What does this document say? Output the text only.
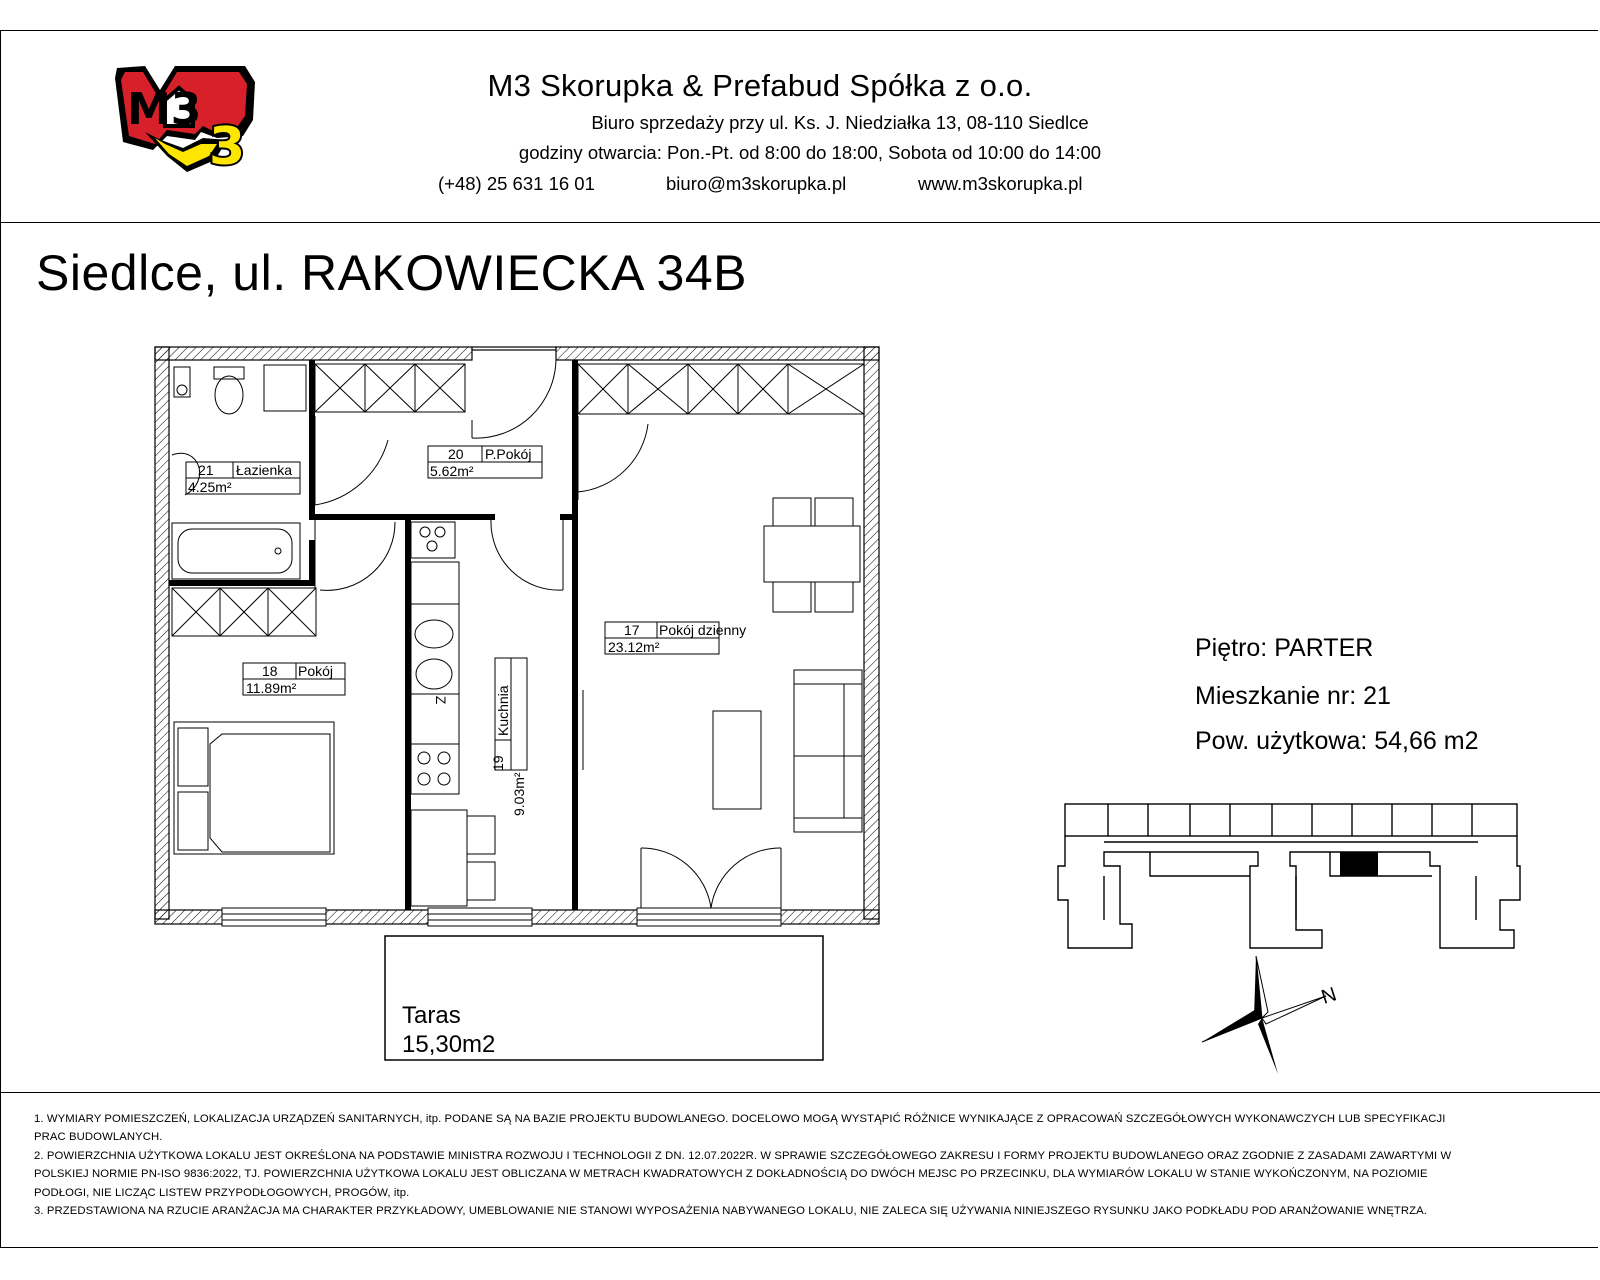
3
M3	M3 Skorupka & Prefabud Spółka z o.o.
Biuro sprzedaży przy ul. Ks. J. Niedziałka 13, 08-110 Siedlce
godziny otwarcia: Pon.-Pt. od 8:00 do 18:00, Sobota od 10:00 do 14:00
(+48) 25 631 16 01	biuro@m3skorupka.pl	www.m3skorupka.pl
Siedlce, ul. RAKOWIECKA 34B
Piętro: PARTER
Mieszkanie nr: 21
Pow. użytkowa: 54,66 m2
Z
21 Łazienka
4.25m²
20 P.Pokój
5.62m²
18 Pokój
11.89m²
17 Pokój dzienny
23.12m²
19
Kuchnia
9.03m²
N
Taras
15,30m2

1. WYMIARY POMIESZCZEŃ, LOKALIZACJA URZĄDZEŃ SANITARNYCH, itp. PODANE SĄ NA BAZIE PROJEKTU BUDOWLANEGO. DOCELOWO MOGĄ WYSTĄPIĆ RÓŻNICE WYNIKAJĄCE Z OPRACOWAŃ SZCZEGÓŁOWYCH WYKONAWCZYCH LUB SPECYFIKACJI PRAC BUDOWLANYCH.

2. POWIERZCHNIA UŻYTKOWA LOKALU JEST OKREŚLONA NA PODSTAWIE MINISTRA ROZWOJU I TECHNOLOGII Z DN. 12.07.2022R. W SPRAWIE SZCZEGÓŁOWEGO ZAKRESU I FORMY PROJEKTU BUDOWLANEGO ORAZ ZGODNIE Z ZASADAMI ZAWARTYMI W POLSKIEJ NORMIE PN-ISO 9836:2022, TJ. POWIERZCHNIA UŻYTKOWA LOKALU JEST OBLICZANA W METRACH KWADRATOWYCH Z DOKŁADNOŚCIĄ DO DWÓCH MEJSC PO PRZECINKU, DLA WYMIARÓW LOKALU W STANIE WYKOŃCZONYM, NA POZIOMIE PODŁOGI, NIE LICZĄC LISTEW PRZYPODŁOGOWYCH, PROGÓW, itp.

3. PRZEDSTAWIONA NA RZUCIE ARANŻACJA MA CHARAKTER PRZYKŁADOWY, UMEBLOWANIE NIE STANOWI WYPOSAŻENIA NABYWANEGO LOKALU, NIE ZALECA SIĘ UŻYWANIA NINIEJSZEGO RYSUNKU JAKO PODKŁADU POD ARANŻOWANIE WNĘTRZA.
